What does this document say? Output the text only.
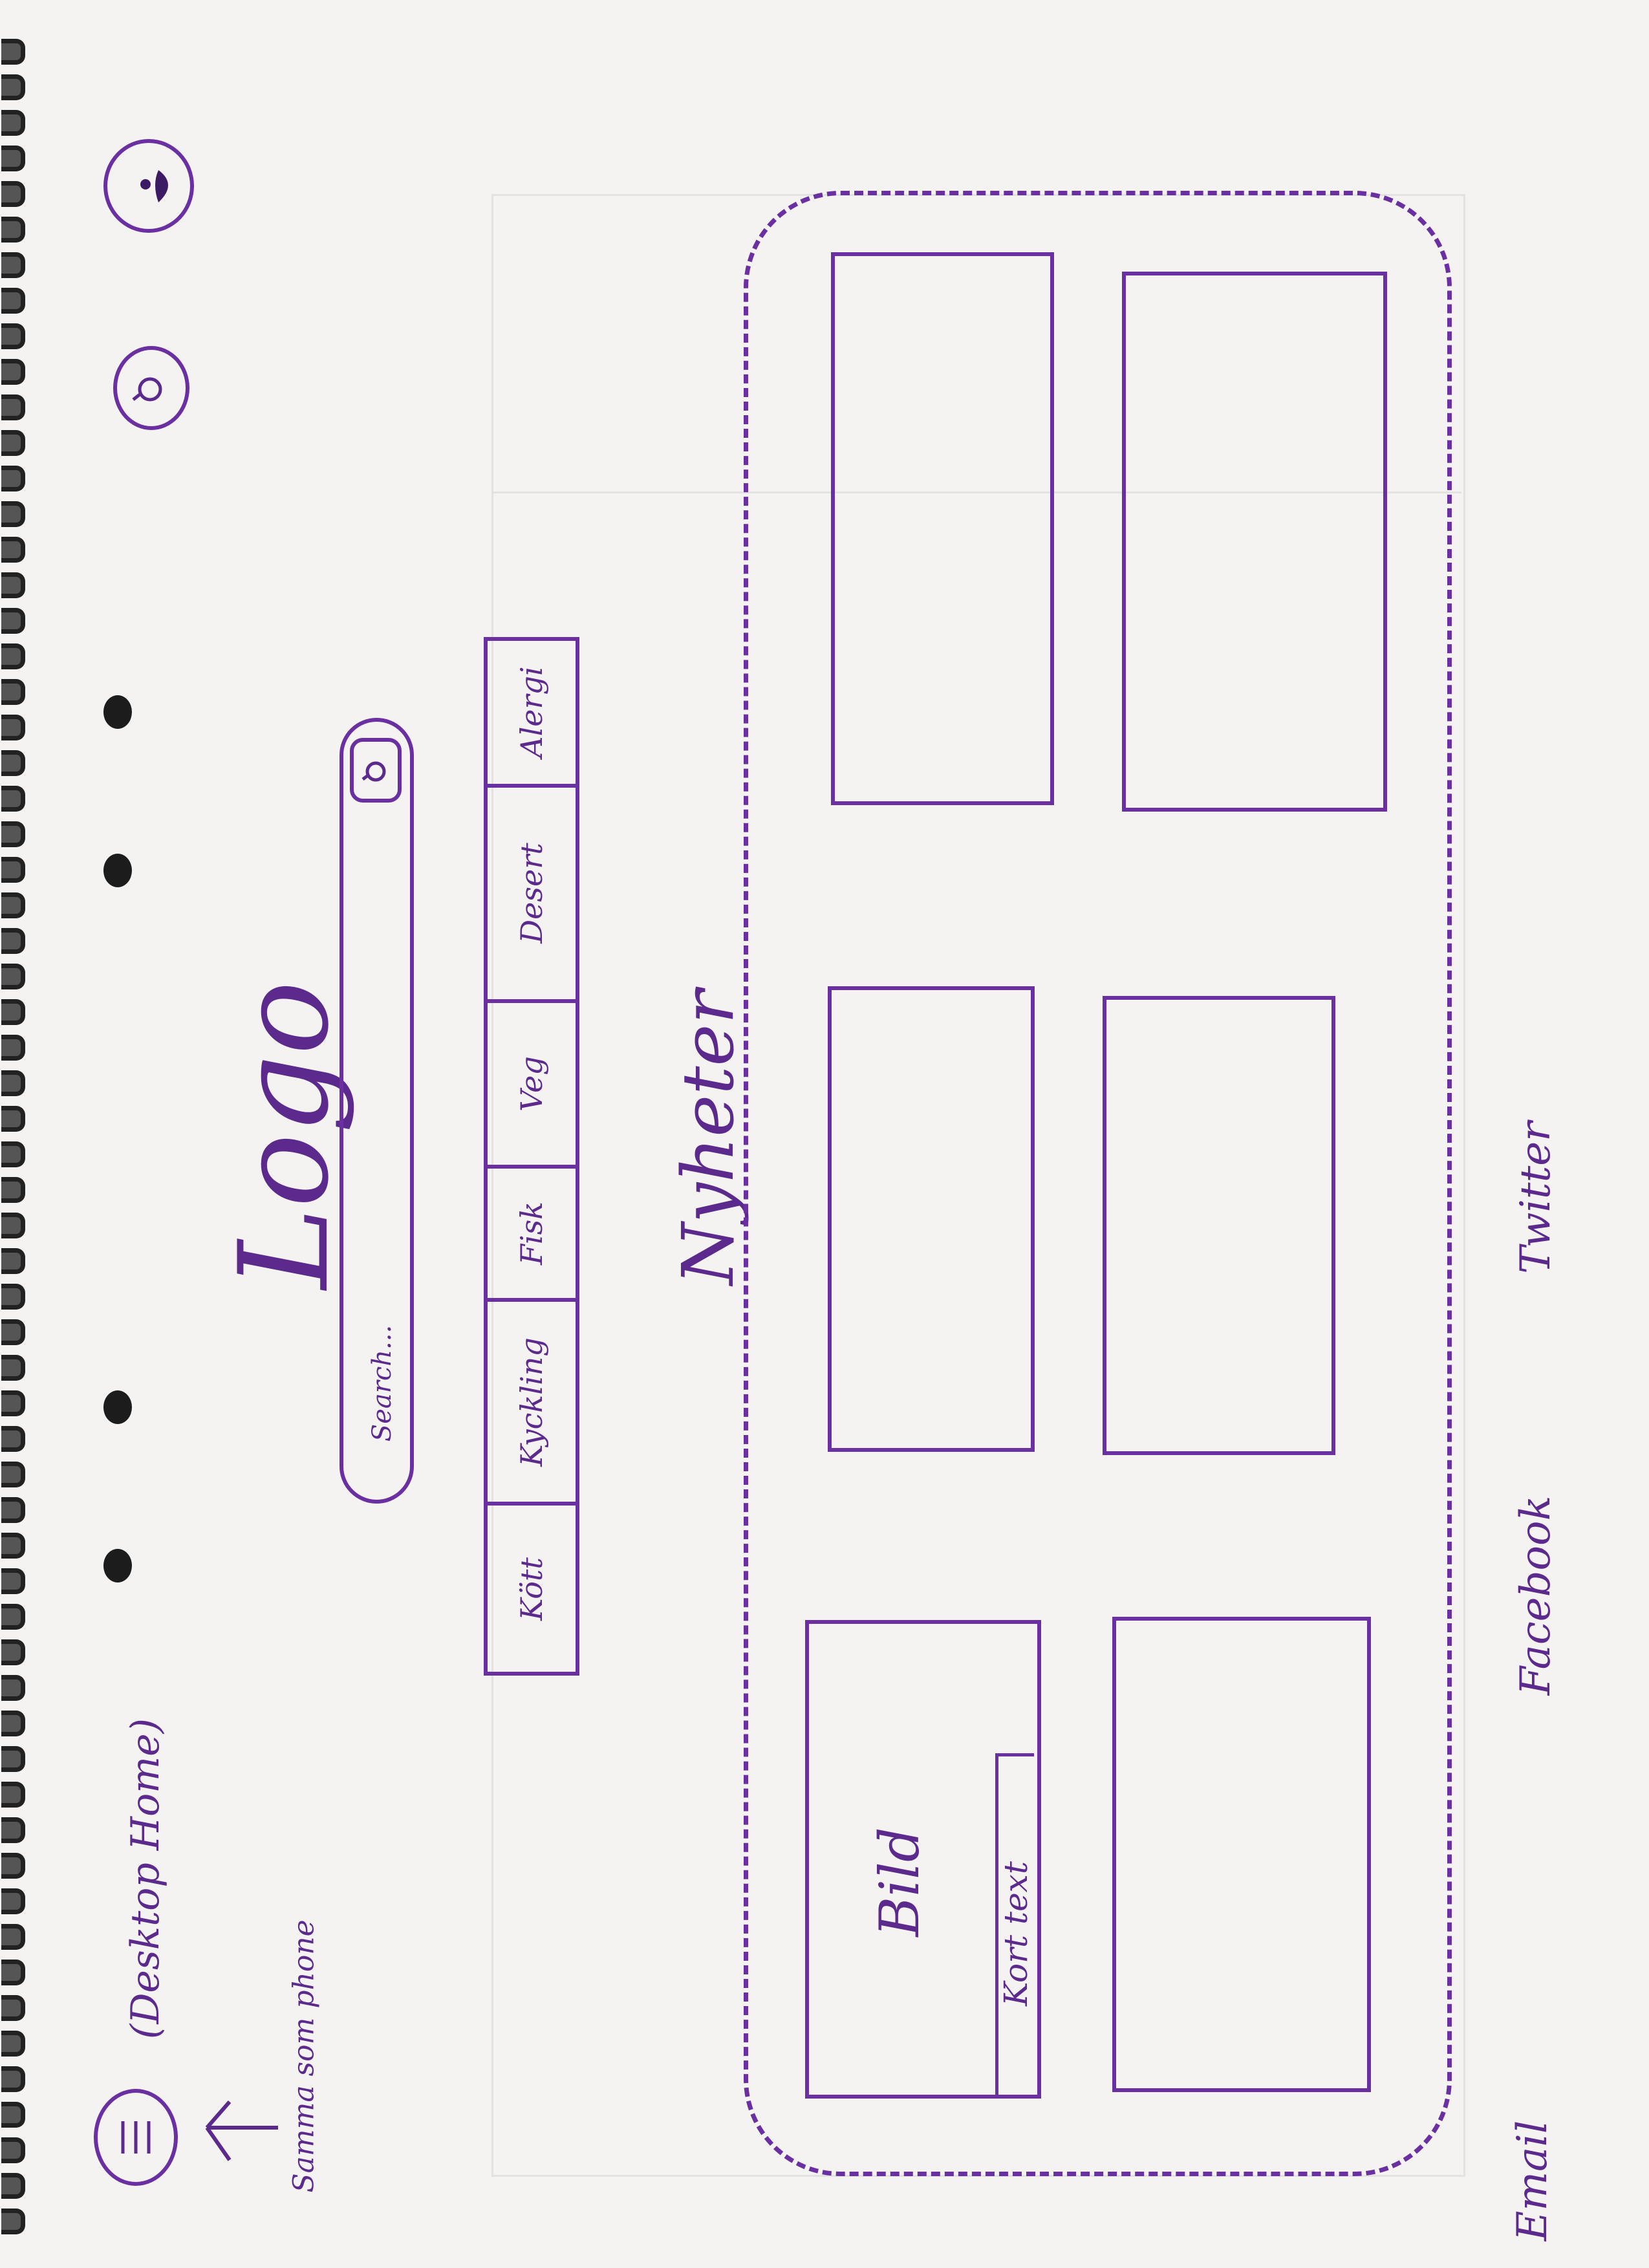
(Desktop Home)
Samma som phone
Logo
Search...
Alergi
Desert
Veg
Fisk
Kyckling
Kött
Nyheter
Bild Kort text
Email
Facebook
Twitter
